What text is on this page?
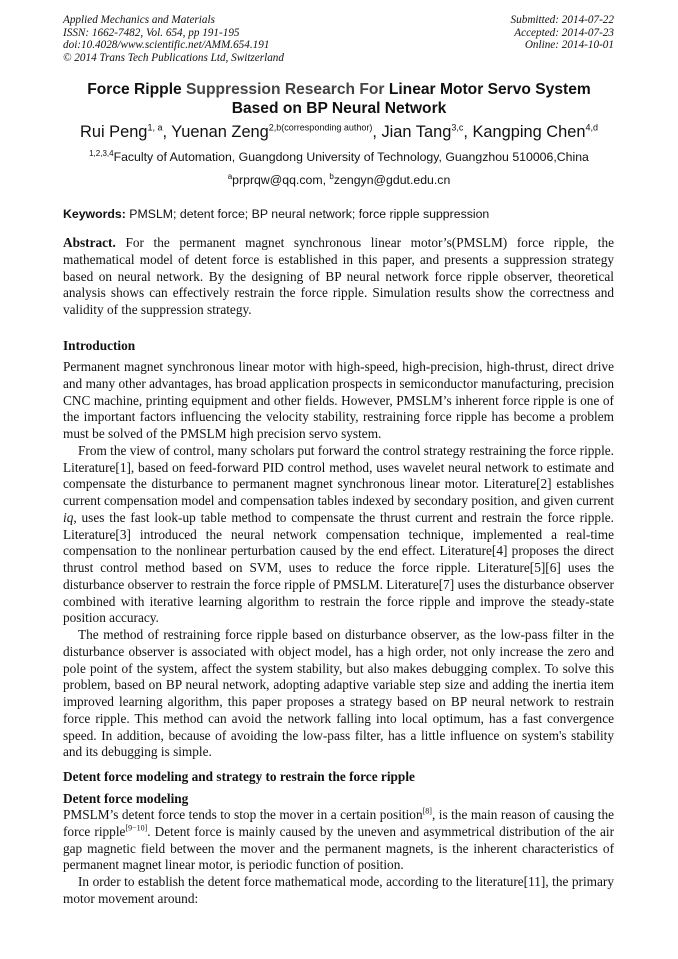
Applied Mechanics and Materials
ISSN: 1662-7482, Vol. 654, pp 191-195
doi:10.4028/www.scientific.net/AMM.654.191
© 2014 Trans Tech Publications Ltd, Switzerland
Submitted: 2014-07-22
Accepted: 2014-07-23
Online: 2014-10-01
Force Ripple Suppression Research For Linear Motor Servo System
Based on BP Neural Network
Rui Peng$^{1, a}$, Yuenan Zeng$^{2,b(corresponding author)}$, Jian Tang$^{3,c}$, Kangping Chen$^{4,d}$
$^{1,2,3,4}$Faculty of Automation, Guangdong University of Technology, Guangzhou 510006,China
$^a$prprqw@qq.com, $^b$zengyn@gdut.edu.cn
Keywords: PMSLM; detent force; BP neural network; force ripple suppression

Abstract. For the permanent magnet synchronous linear motor’s(PMSLM) force ripple, the mathematical model of detent force is established in this paper, and presents a suppression strategy based on neural network. By the designing of BP neural network force ripple observer, theoretical analysis shows can effectively restrain the force ripple. Simulation results show the correctness and validity of the suppression strategy.

Introduction

Permanent magnet synchronous linear motor with high-speed, high-precision, high-thrust, direct drive and many other advantages, has broad application prospects in semiconductor manufacturing, precision CNC machine, printing equipment and other fields. However, PMSLM’s inherent force ripple is one of the important factors influencing the velocity stability, restraining force ripple has become a problem must be solved of the PMSLM high precision servo system.

From the view of control, many scholars put forward the control strategy restraining the force ripple. Literature[1], based on feed-forward PID control method, uses wavelet neural network to estimate and compensate the disturbance to permanent magnet synchronous linear motor. Literature[2] establishes current compensation model and compensation tables indexed by secondary position, and given current iq, uses the fast look-up table method to compensate the thrust current and restrain the force ripple. Literature[3] introduced the neural network compensation technique, implemented a real-time compensation to the nonlinear perturbation caused by the end effect. Literature[4] proposes the direct thrust control method based on SVM, uses to reduce the force ripple. Literature[5][6] uses the disturbance observer to restrain the force ripple of PMSLM. Literature[7] uses the disturbance observer combined with iterative learning algorithm to restrain the force ripple and improve the steady-state position accuracy.

The method of restraining force ripple based on disturbance observer, as the low-pass filter in the disturbance observer is associated with object model, has a high order, not only increase the zero and pole point of the system, affect the system stability, but also makes debugging complex. To solve this problem, based on BP neural network, adopting adaptive variable step size and adding the inertia item improved learning algorithm, this paper proposes a strategy based on BP neural network to restrain force ripple. This method can avoid the network falling into local optimum, has a fast convergence speed. In addition, because of avoiding the low-pass filter, has a little influence on system's stability and its debugging is simple.

Detent force modeling and strategy to restrain the force ripple
Detent force modeling

PMSLM’s detent force tends to stop the mover in a certain position[8], is the main reason of causing the force ripple[9−10]. Detent force is mainly caused by the uneven and asymmetrical distribution of the air gap magnetic field between the mover and the permanent magnets, is the inherent characteristics of permanent magnet linear motor, is periodic function of position.

In order to establish the detent force mathematical mode, according to the literature[11], the primary motor movement around:
